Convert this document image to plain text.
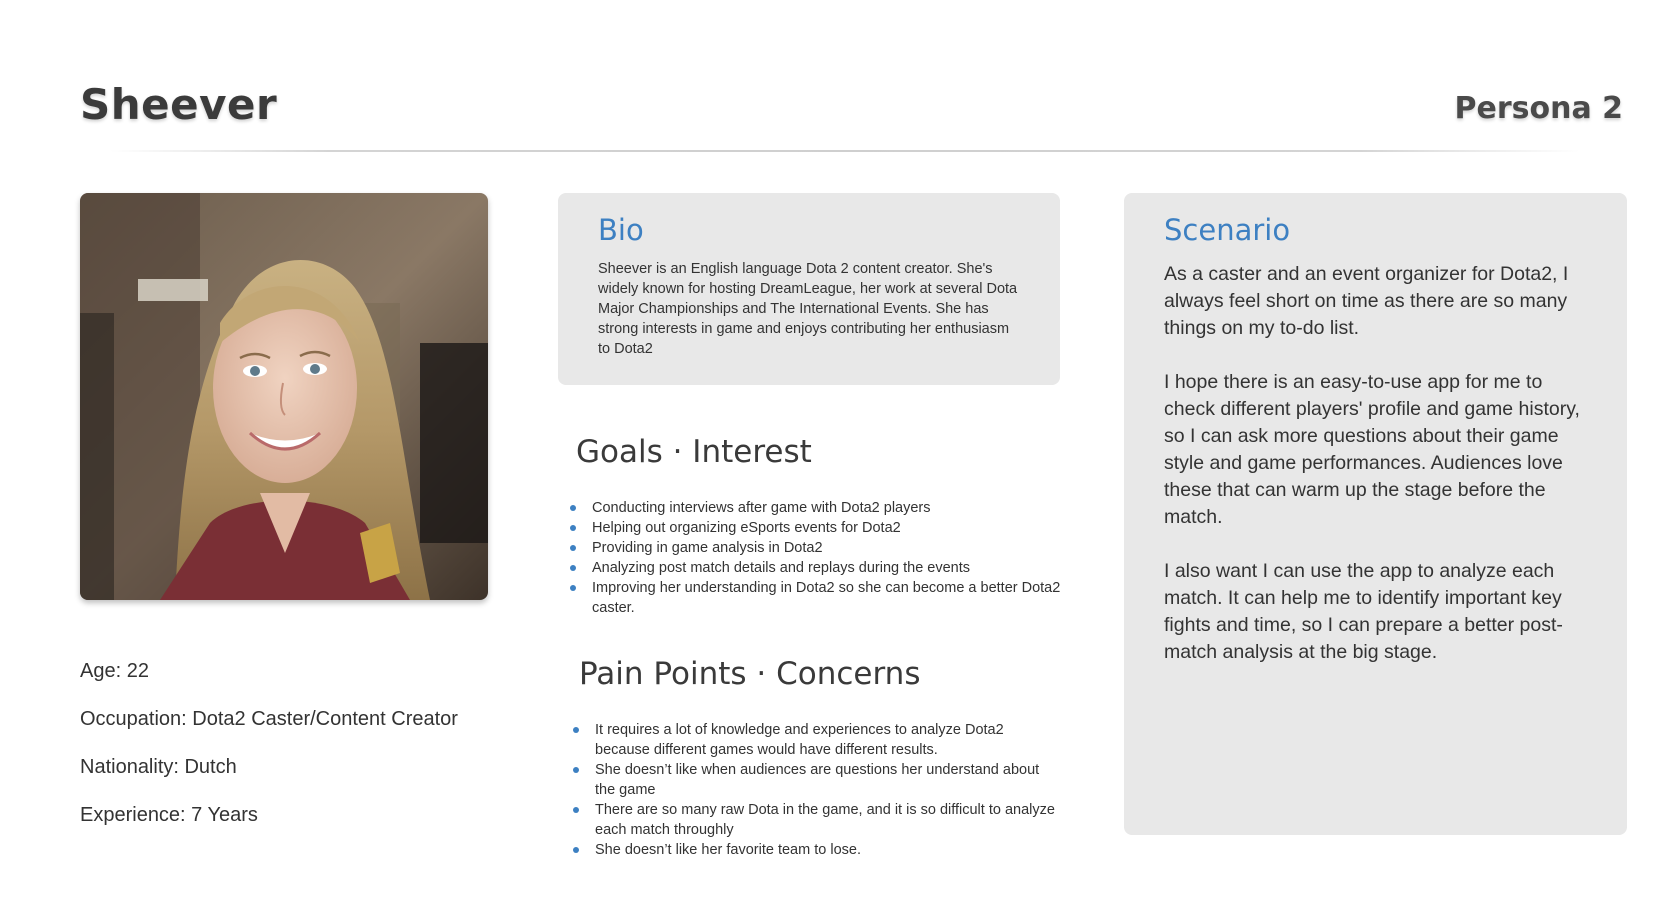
Sheever	Persona 2
Age: 22
Occupation: Dota2 Caster/Content Creator
Nationality: Dutch
Experience: 7 Years
Bio

Sheever is an English language Dota 2 content creator. She's widely known for hosting DreamLeague, her work at several Dota Major Championships and The International Events. She has strong interests in game and enjoys contributing her enthusiasm to Dota2

Goals · Interest
Conducting interviews after game with Dota2 players
Helping out organizing eSports events for Dota2
Providing in game analysis in Dota2
Analyzing post match details and replays during the events
Improving her understanding in Dota2 so she can become a better Dota2 caster.
Pain Points · Concerns
It requires a lot of knowledge and experiences to analyze Dota2 because different games would have different results.
She doesn’t like when audiences are questions her understand about the game
There are so many raw Dota in the game, and it is so difficult to analyze each match throughly
She doesn’t like her favorite team to lose.
Scenario

As a caster and an event organizer for Dota2, I always feel short on time as there are so many things on my to-do list.

I hope there is an easy-to-use app for me to check different players' profile and game history, so I can ask more questions about their game style and game performances. Audiences love these that can warm up the stage before the match.

I also want I can use the app to analyze each match. It can help me to identify important key fights and time, so I can prepare a better post-match analysis at the big stage.
